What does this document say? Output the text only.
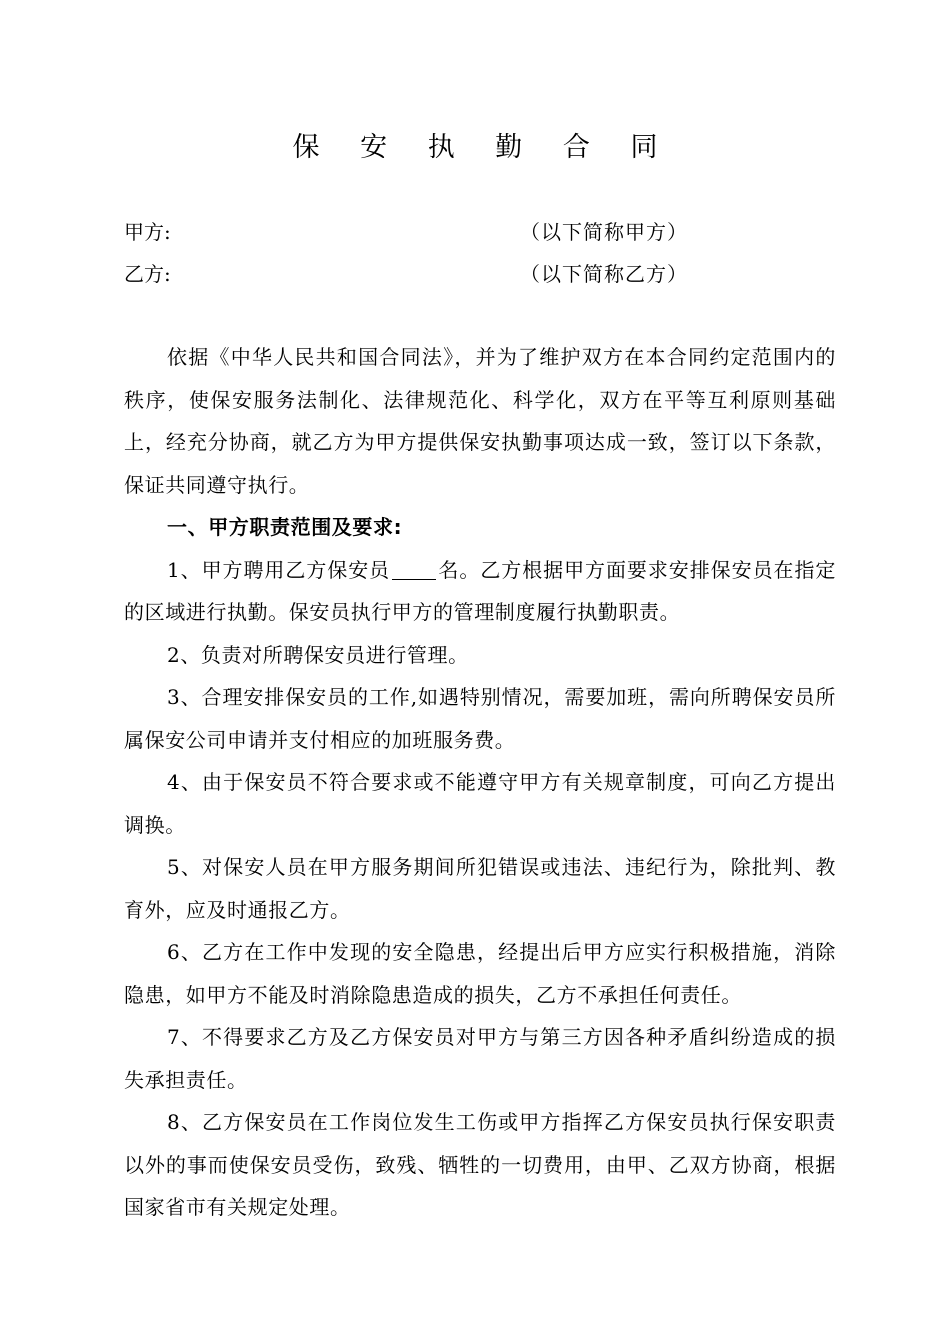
保 安 执 勤 合 同
甲方:	（以下简称甲方）
乙方:	（以下简称乙方）

依据《中华人民共和国合同法》，并为了维护双方在本合同约定范围内的秩序，使保安服务法制化、法律规范化、科学化，双方在平等互利原则基础上，经充分协商，就乙方为甲方提供保安执勤事项达成一致，签订以下条款，保证共同遵守执行。

一、甲方职责范围及要求:

1、甲方聘用乙方保安员 名。乙方根据甲方面要求安排保安员在指定的区域进行执勤。保安员执行甲方的管理制度履行执勤职责。

2、负责对所聘保安员进行管理。

3、合理安排保安员的工作,如遇特别情况，需要加班，需向所聘保安员所属保安公司申请并支付相应的加班服务费。

4、由于保安员不符合要求或不能遵守甲方有关规章制度，可向乙方提出调换。

5、对保安人员在甲方服务期间所犯错误或违法、违纪行为，除批判、教育外，应及时通报乙方。

6、乙方在工作中发现的安全隐患，经提出后甲方应实行积极措施，消除隐患，如甲方不能及时消除隐患造成的损失，乙方不承担任何责任。

7、不得要求乙方及乙方保安员对甲方与第三方因各种矛盾纠纷造成的损失承担责任。

8、乙方保安员在工作岗位发生工伤或甲方指挥乙方保安员执行保安职责以外的事而使保安员受伤，致残、牺牲的一切费用，由甲、乙双方协商，根据国家省市有关规定处理。
